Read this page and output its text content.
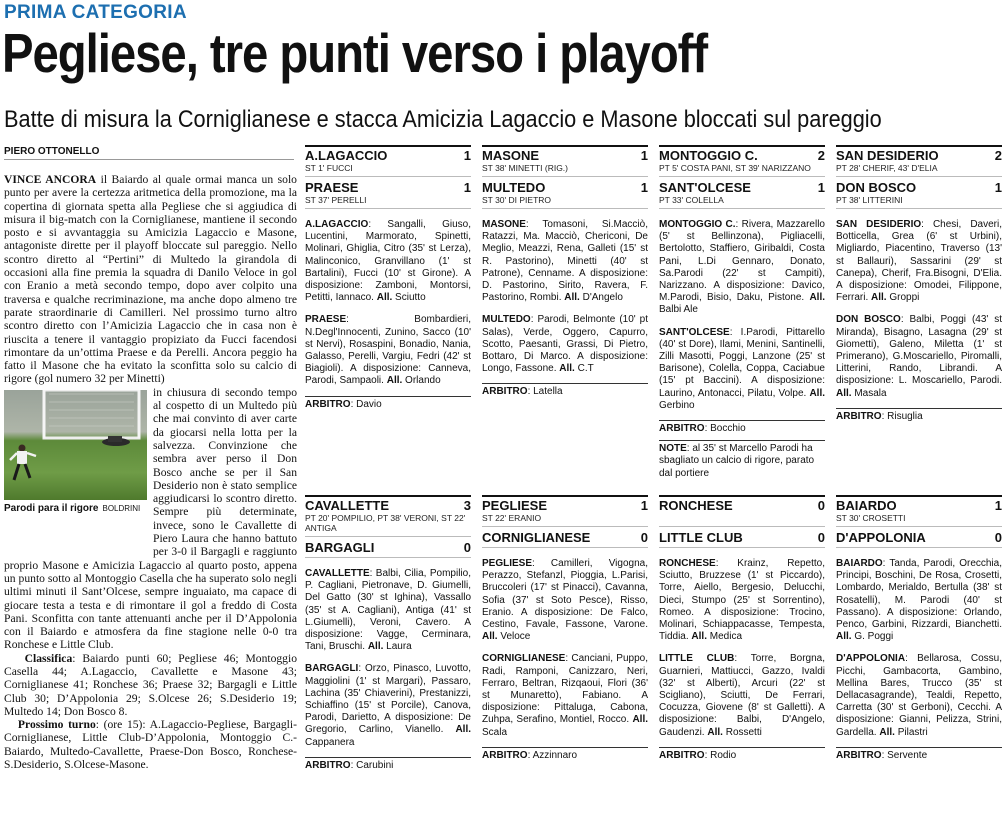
PRIMA CATEGORIA
Pegliese, tre punti verso i playoff
Batte di misura la Corniglianese e stacca Amicizia Lagaccio e Masone bloccati sul pareggio
PIERO OTTONELLO

VINCE ANCORA il Baiardo al quale ormai manca un solo punto per avere la certezza aritmetica della promozione, ma la copertina di giornata spetta alla Pegliese che si aggiudica di misura il big-match con la Corniglianese, mantiene il secondo posto e si avvantaggia su Amicizia Lagaccio e Masone, antagoniste dirette per il playoff bloccate sul pareggio. Nello scontro diretto al “Pertini” di Multedo la girandola di occasioni alla fine premia la squadra di Danilo Veloce in gol con Eranio a metà secondo tempo, dopo aver colpito una traversa e qualche recriminazione, ma anche dopo almeno tre parate straordinarie di Camilleri. Nel prossimo turno altro scontro diretto con l’Amicizia Lagaccio che in casa non è riuscita a tenere il vantaggio propiziato da Fucci facendosi rimontare da un’ottima Praese e da Perelli. Ancora peggio ha fatto il Masone che ha evitato la sconfitta solo su calcio di rigore (gol numero 32 per Minetti)

Parodi para il rigore BOLDRINI

in chiusura di secondo tempo al cospetto di un Multedo più che mai convinto di aver carte da giocarsi nella lotta per la salvezza. Convinzione che sembra aver perso il Don Bosco anche se per il San Desiderio non è stato semplice aggiudicarsi lo scontro diretto. Sempre più determinate, invece, sono le Cavallette di Piero Laura che hanno battuto per 3-0 il Bargagli e raggiunto proprio Masone e Amicizia Lagaccio al quarto posto, appena un punto sotto al Montoggio Casella che ha superato solo negli ultimi minuti il Sant’Olcese, sempre inguaiato, ma capace di giocare testa a testa e di rimontare il gol a freddo di Costa Pani. Sconfitta con tante attenuanti anche per il D’Appolonia con il Baiardo e atmosfera da fine stagione nelle 0-0 tra Ronchese e Little Club.

Classifica: Baiardo punti 60; Pegliese 46; Montoggio Casella 44; A.Lagaccio, Cavallette e Masone 43; Corniglianese 41; Ronchese 36; Praese 32; Bargagli e Little Club 30; D’Appolonia 29; S.Olcese 26; S.Desiderio 19; Multedo 14; Don Bosco 8.

Prossimo turno: (ore 15): A.Lagaccio-Pegliese, Bargagli-Corniglianese, Little Club-D’Appolonia, Montoggio C.-Baiardo, Multedo-Cavallette, Praese-Don Bosco, Ronchese-S.Desiderio, S.Olcese-Masone.

A.LAGACCIO	1
ST 1' FUCCI
PRAESE	1
ST 37' PERELLI
A.LAGACCIO: Sangalli, Giuso, Lucentini, Marmorato, Spinetti, Molinari, Ghiglia, Citro (35' st Lerza), Malinconico, Granvillano (1' st Bartalini), Fucci (10' st Girone). A disposizione: Zamboni, Montorsi, Petitti, Iannaco. All. Sciutto
PRAESE: Bombardieri, N.Degl'Innocenti, Zunino, Sacco (10' st Nervi), Rosaspini, Bonadio, Nania, Galasso, Perelli, Vargiu, Fedri (42' st Biagioli). A disposizione: Canneva, Parodi, Sampaoli. All. Orlando
ARBITRO: Davio
MASONE	1
ST 38' MINETTI (RIG.)
MULTEDO	1
ST 30' DI PIETRO
MASONE: Tomasoni, Si.Macciò, Ratazzi, Ma. Macciò, Chericoni, De Meglio, Meazzi, Rena, Galleti (15' st R. Pastorino), Minetti (40' st Patrone), Cenname. A disposizione: D. Pastorino, Sirito, Ravera, F. Pastorino, Rombi. All. D'Angelo
MULTEDO: Parodi, Belmonte (10' pt Salas), Verde, Oggero, Capurro, Scotto, Paesanti, Grassi, Di Pietro, Bottaro, Di Marco. A disposizione: Longo, Fassone. All. C.T
ARBITRO: Latella
MONTOGGIO C.	2
PT 5' COSTA PANI, ST 39' NARIZZANO
SANT'OLCESE	1
PT 33' COLELLA
MONTOGGIO C.: Rivera, Mazzarello (5' st Bellinzona), Pigliacelli, Bertolotto, Staffiero, Giribaldi, Costa Pani, L.Di Gennaro, Donato, Sa.Parodi (22' st Campiti), Narizzano. A disposizione: Davico, M.Parodi, Bisio, Daku, Pistone. All. Balbi Ale
SANT'OLCESE: I.Parodi, Pittarello (40' st Dore), Ilami, Menini, Santinelli, Zilli Masotti, Poggi, Lanzone (25' st Barisone), Colella, Coppa, Caciabue (15' pt Baccini). A disposizione: Laurino, Antonacci, Pilatu, Volpe. All. Gerbino
ARBITRO: Bocchio
NOTE: al 35' st Marcello Parodi ha sbagliato un calcio di rigore, parato dal portiere
SAN DESIDERIO	2
PT 28' CHERIF, 43' D'ELIA
DON BOSCO	1
PT 38' LITTERINI
SAN DESIDERIO: Chesi, Daveri, Botticella, Grea (6' st Urbini), Migliardo, Piacentino, Traverso (13' st Ballauri), Sassarini (29' st Canepa), Cherif, Fra.Bisogni, D'Elia. A disposizione: Omodei, Filippone, Ferrari. All. Groppi
DON BOSCO: Balbi, Poggi (43' st Miranda), Bisagno, Lasagna (29' st Giometti), Galeno, Miletta (1' st Primerano), G.Moscariello, Piromalli, Litterini, Rando, Librandi. A disposizione: L. Moscariello, Parodi. All. Masala
ARBITRO: Risuglia
CAVALLETTE	3
PT 20' POMPILIO, PT 38' VERONI, ST 22' ANTIGA
BARGAGLI	0

CAVALLETTE: Balbi, Cilia, Pompilio, P. Cagliani, Pietronave, D. Giumelli, Del Gatto (30' st Ighina), Vassallo (35' st A. Cagliani), Antiga (41' st L.Giumelli), Veroni, Cavero. A disposizione: Vagge, Cerminara, Tani, Bruschi. All. Laura
BARGAGLI: Orzo, Pinasco, Luvotto, Maggiolini (1' st Margari), Passaro, Lachina (35' Chiaverini), Prestanizzi, Schiaffino (15' st Porcile), Canova, Parodi, Darietto, A disposizione: De Gregorio, Carlino, Vianello. All. Cappanera
ARBITRO: Carubini
PEGLIESE	1
ST 22' ERANIO
CORNIGLIANESE	0

PEGLIESE: Camilleri, Vigogna, Perazzo, Stefanzl, Pioggia, L.Parisi, Bruccoleri (17' st Pinacci), Cavanna, Sofia (37' st Soto Pesce), Risso, Eranio. A disposizione: De Falco, Cestino, Favale, Fassone, Varone. All. Veloce
CORNIGLIANESE: Canciani, Puppo, Radi, Ramponi, Canizzaro, Neri, Ferraro, Beltran, Rizqaoui, Flori (36' st Munaretto), Fabiano. A disposizione: Pittaluga, Cabona, Zuhpa, Serafino, Montiel, Rocco. All. Scala
ARBITRO: Azzinnaro
RONCHESE	0

LITTLE CLUB	0

RONCHESE: Krainz, Repetto, Sciutto, Bruzzese (1' st Piccardo), Torre, Aiello, Bergesio, Delucchi, Dieci, Stumpo (25' st Sorrentino), Romeo. A disposizione: Trocino, Molinari, Schiappacasse, Tempesta, Tiddia. All. Medica
LITTLE CLUB: Torre, Borgna, Guarnieri, Mattiucci, Gazzo, Ivaldi (32' st Alberti), Arcuri (22' st Scigliano), Sciutti, De Ferrari, Cocuzza, Giovene (8' st Galletti). A disposizione: Balbi, D'Angelo, Gaudenzi. All. Rossetti
ARBITRO: Rodio
BAIARDO	1
ST 30' CROSETTI
D'APPOLONIA	0

BAIARDO: Tanda, Parodi, Orecchia, Principi, Boschini, De Rosa, Crosetti, Lombardo, Merialdo, Bertulla (38' st Rosatelli), M. Parodi (40' st Passano). A disposizione: Orlando, Penco, Garbini, Rizzardi, Bianchetti. All. G. Poggi
D'APPOLONIA: Bellarosa, Cossu, Picchi, Gambacorta, Gambino, Mellina Bares, Trucco (35' st Dellacasagrande), Tealdi, Repetto, Carretta (30' st Gerboni), Cecchi. A disposizione: Gianni, Pelizza, Strini, Gardella. All. Pilastri
ARBITRO: Servente
